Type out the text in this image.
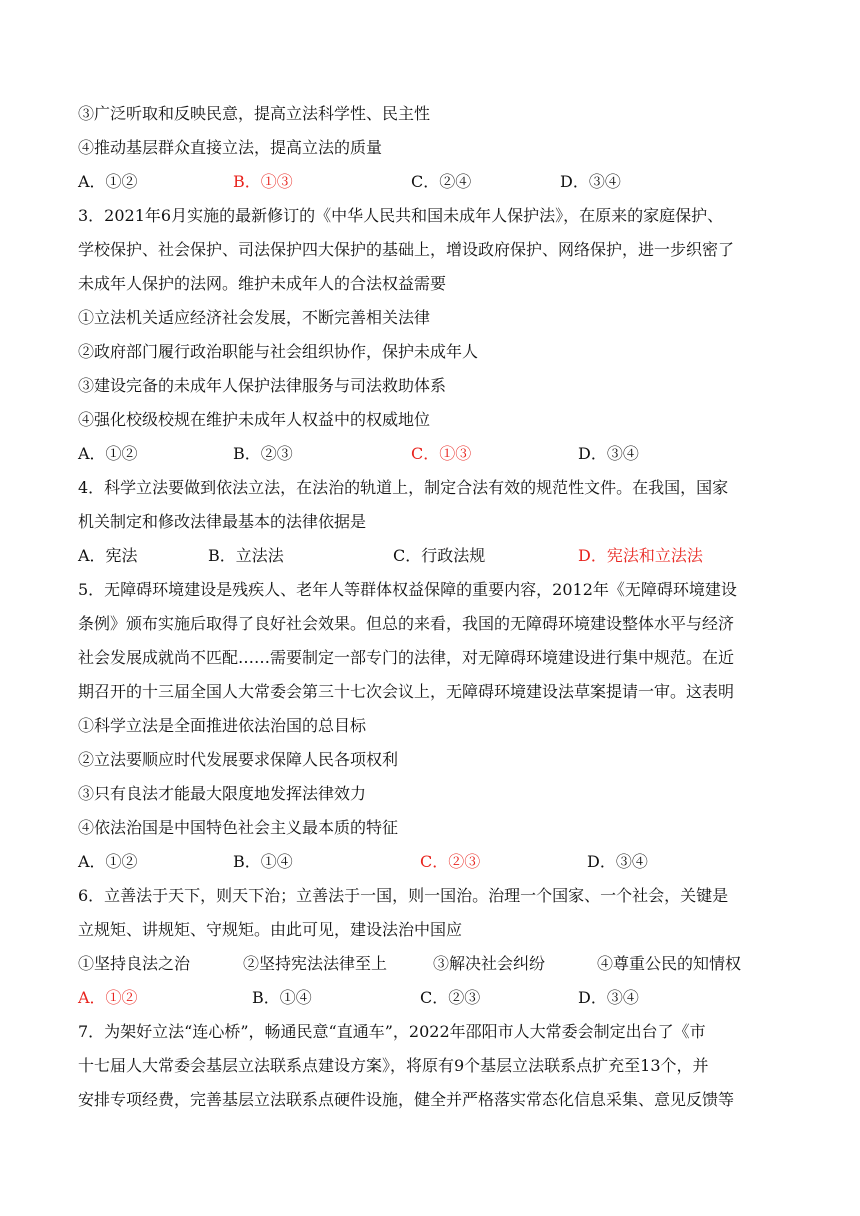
③广泛听取和反映民意，提高立法科学性、民主性
④推动基层群众直接立法，提高立法的质量
A．①②	B．①③	C．②④	D．③④
3．2021年6月实施的最新修订的《中华人民共和国未成年人保护法》，在原来的家庭保护、
学校保护、社会保护、司法保护四大保护的基础上，增设政府保护、网络保护，进一步织密了
未成年人保护的法网。维护未成年人的合法权益需要
①立法机关适应经济社会发展，不断完善相关法律
②政府部门履行政治职能与社会组织协作，保护未成年人
③建设完备的未成年人保护法律服务与司法救助体系
④强化校级校规在维护未成年人权益中的权威地位
A．①②	B．②③	C．①③	D．③④
4．科学立法要做到依法立法，在法治的轨道上，制定合法有效的规范性文件。在我国，国家
机关制定和修改法律最基本的法律依据是
A．宪法	B．立法法	C．行政法规	D．宪法和立法法
5．无障碍环境建设是残疾人、老年人等群体权益保障的重要内容，2012年《无障碍环境建设
条例》颁布实施后取得了良好社会效果。但总的来看，我国的无障碍环境建设整体水平与经济
社会发展成就尚不匹配……需要制定一部专门的法律，对无障碍环境建设进行集中规范。在近
期召开的十三届全国人大常委会第三十七次会议上，无障碍环境建设法草案提请一审。这表明
①科学立法是全面推进依法治国的总目标
②立法要顺应时代发展要求保障人民各项权利
③只有良法才能最大限度地发挥法律效力
④依法治国是中国特色社会主义最本质的特征
A．①②	B．①④	C．②③	D．③④
6．立善法于天下，则天下治；立善法于一国，则一国治。治理一个国家、一个社会，关键是
立规矩、讲规矩、守规矩。由此可见，建设法治中国应
①坚持良法之治	②坚持宪法法律至上	③解决社会纠纷	④尊重公民的知情权
A．①②	B．①④	C．②③	D．③④
7．为架好立法“连心桥”，畅通民意“直通车”，2022年邵阳市人大常委会制定出台了《市
十七届人大常委会基层立法联系点建设方案》，将原有9个基层立法联系点扩充至13个，并
安排专项经费，完善基层立法联系点硬件设施，健全并严格落实常态化信息采集、意见反馈等
